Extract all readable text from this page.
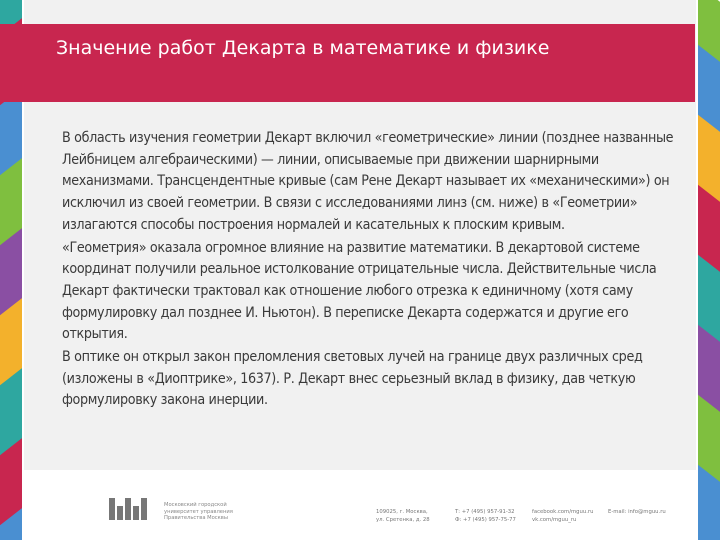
Значение работ Декарта в математике и физике

В область изучения геометрии Декарт включил «геометрические» линии (позднее названные Лейбницем алгебраическими) — линии, описываемые при движении шарнирными механизмами. Трансцендентные кривые (сам Рене Декарт называет их «механическими») он исключил из своей геометрии. В связи с исследованиями линз (см. ниже) в «Геометрии» излагаются способы построения нормалей и касательных к плоским кривым.

«Геометрия» оказала огромное влияние на развитие математики. В декартовой системе координат получили реальное истолкование отрицательные числа. Действительные числа Декарт фактически трактовал как отношение любого отрезка к единичному (хотя саму формулировку дал позднее И. Ньютон). В переписке Декарта содержатся и другие его открытия.

В оптике он открыл закон преломления световых лучей на границе двух различных сред (изложены в «Диоптрике», 1637). Р. Декарт внес серьезный вклад в физику, дав четкую формулировку закона инерции.

Московский городской
университет управления
Правительства Москвы
109025, г. Москва,
ул. Сретенка, д. 28
Т: +7 (495) 957-91-32
Ф: +7 (495) 957-75-77
facebook.com/mguu.ru
vk.com/mguu_ru
E-mail: info@mguu.ru
